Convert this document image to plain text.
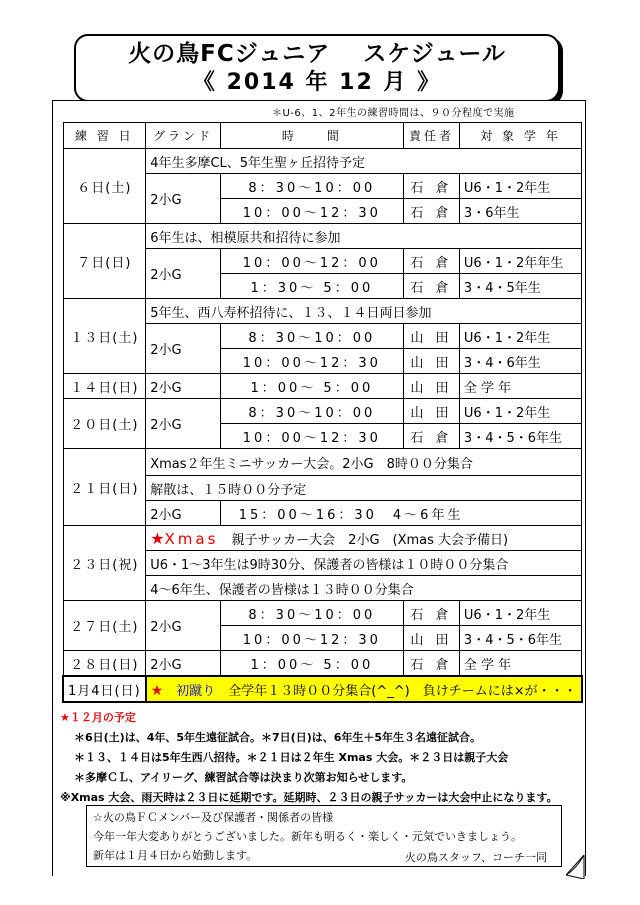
火の鳥FCジュニア　 スケジュール
《 2014 年 12 月 》
＊U-6、1、2年生の練習時間は、９０分程度で実施
練 習 日	グランド	時　　間	責任者	対 象 学 年
６日(土)	4年生多摩CL、5年生聖ヶ丘招待予定			
	2小G	8：30〜10：00	石 倉	U6・1・2年生
		10：00〜12：30	石 倉	3・6年生
７日(日)	6年生は、相模原共和招待に参加			
	2小G	10：00〜12：00	石 倉	U6・1・2年年生
		1：30〜 5：00	石 倉	3・4・5年生
１３日(土)	5年生、西八寿杯招待に、１３、１４日両日参加			
	2小G	8：30〜10：00	山 田	U6・1・2年生
		10：00〜12：30	山 田	3・4・6年生
１４日(日)	2小G	1：00〜 5：00	山 田	全 学 年
２０日(土)	2小G	8：30〜10：00	山 田	U6・1・2年生
		10：00〜12：30	石 倉	3・4・5・6年生
２１日(日)	Xmas２年生ミニサッカー大会。2小G　8時００分集合			
	解散は、１５時００分予定			
	2小G	15：00〜16：30　4〜6年生		
２３日(祝)	★Xmas　親子サッカー大会　2小G　(Xmas 大会予備日)			
	U6・1〜3年生は9時30分、保護者の皆様は１０時００分集合			
	4〜6年生、保護者の皆様は１３時００分集合			
２７日(土)	2小G	8：30〜10：00	石 倉	U6・1・2年生
		10：00〜12：30	山 田	3・4・5・6年生
２８日(日)	2小G	1：00〜 5：00	石 倉	全 学 年
1月4日(日)	★　 初蹴り　全学年１３時００分集合(^_^)　負けチームには×が・・・			
★１２月の予定
＊6日(土)は、4年、5年生遠征試合。＊7日(日)は、6年生＋5年生３名遠征試合。
＊１３、１４日は5年生西八招待。＊２１日は２年生 Xmas 大会。＊２３日は親子大会
＊多摩ＣＬ、アイリーグ、練習試合等は決まり次第お知らせします。
※Xmas 大会、雨天時は２３日に延期です。延期時、２３日の親子サッカーは大会中止になります。
☆火の鳥ＦＣメンバー及び保護者・関係者の皆様
今年一年大変ありがとうございました。新年も明るく・楽しく・元気でいきましょう。
新年は１月４日から始動します。	火の鳥スタッフ、コーチ一同
